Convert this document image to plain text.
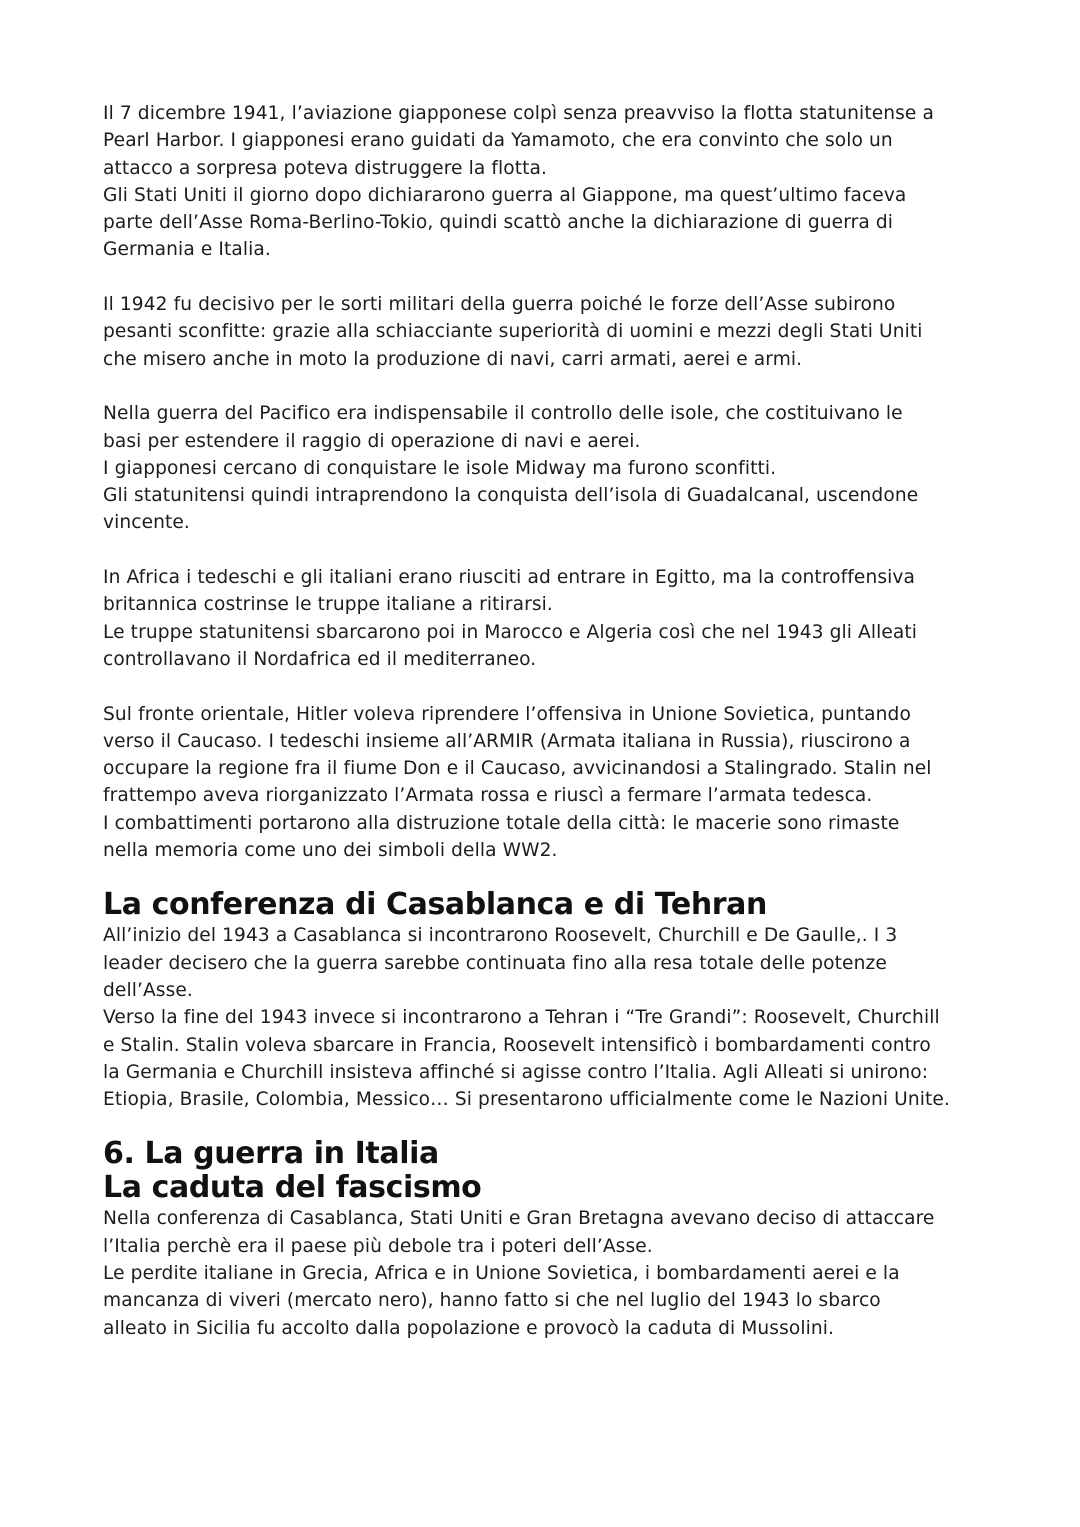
Il 7 dicembre 1941, l’aviazione giapponese colpì senza preavviso la flotta statunitense a
Pearl Harbor. I giapponesi erano guidati da Yamamoto, che era convinto che solo un
attacco a sorpresa poteva distruggere la flotta.
Gli Stati Uniti il giorno dopo dichiararono guerra al Giappone, ma quest’ultimo faceva
parte dell’Asse Roma-Berlino-Tokio, quindi scattò anche la dichiarazione di guerra di
Germania e Italia.

Il 1942 fu decisivo per le sorti militari della guerra poiché le forze dell’Asse subirono
pesanti sconfitte: grazie alla schiacciante superiorità di uomini e mezzi degli Stati Uniti
che misero anche in moto la produzione di navi, carri armati, aerei e armi.

Nella guerra del Pacifico era indispensabile il controllo delle isole, che costituivano le
basi per estendere il raggio di operazione di navi e aerei.
I giapponesi cercano di conquistare le isole Midway ma furono sconfitti.
Gli statunitensi quindi intraprendono la conquista dell’isola di Guadalcanal, uscendone
vincente.

In Africa i tedeschi e gli italiani erano riusciti ad entrare in Egitto, ma la controffensiva
britannica costrinse le truppe italiane a ritirarsi.
Le truppe statunitensi sbarcarono poi in Marocco e Algeria così che nel 1943 gli Alleati
controllavano il Nordafrica ed il mediterraneo.

Sul fronte orientale, Hitler voleva riprendere l’offensiva in Unione Sovietica, puntando
verso il Caucaso. I tedeschi insieme all’ARMIR (Armata italiana in Russia), riuscirono a
occupare la regione fra il fiume Don e il Caucaso, avvicinandosi a Stalingrado. Stalin nel
frattempo aveva riorganizzato l’Armata rossa e riuscì a fermare l’armata tedesca.
I combattimenti portarono alla distruzione totale della città: le macerie sono rimaste
nella memoria come uno dei simboli della WW2.

La conferenza di Casablanca e di Tehran

All’inizio del 1943 a Casablanca si incontrarono Roosevelt, Churchill e De Gaulle,. I 3
leader decisero che la guerra sarebbe continuata fino alla resa totale delle potenze
dell’Asse.
Verso la fine del 1943 invece si incontrarono a Tehran i “Tre Grandi”: Roosevelt, Churchill
e Stalin. Stalin voleva sbarcare in Francia, Roosevelt intensificò i bombardamenti contro
la Germania e Churchill insisteva affinché si agisse contro l’Italia. Agli Alleati si unirono:
Etiopia, Brasile, Colombia, Messico… Si presentarono ufficialmente come le Nazioni Unite.

6. La guerra in Italia
La caduta del fascismo

Nella conferenza di Casablanca, Stati Uniti e Gran Bretagna avevano deciso di attaccare
l’Italia perchè era il paese più debole tra i poteri dell’Asse.
Le perdite italiane in Grecia, Africa e in Unione Sovietica, i bombardamenti aerei e la
mancanza di viveri (mercato nero), hanno fatto si che nel luglio del 1943 lo sbarco
alleato in Sicilia fu accolto dalla popolazione e provocò la caduta di Mussolini.
